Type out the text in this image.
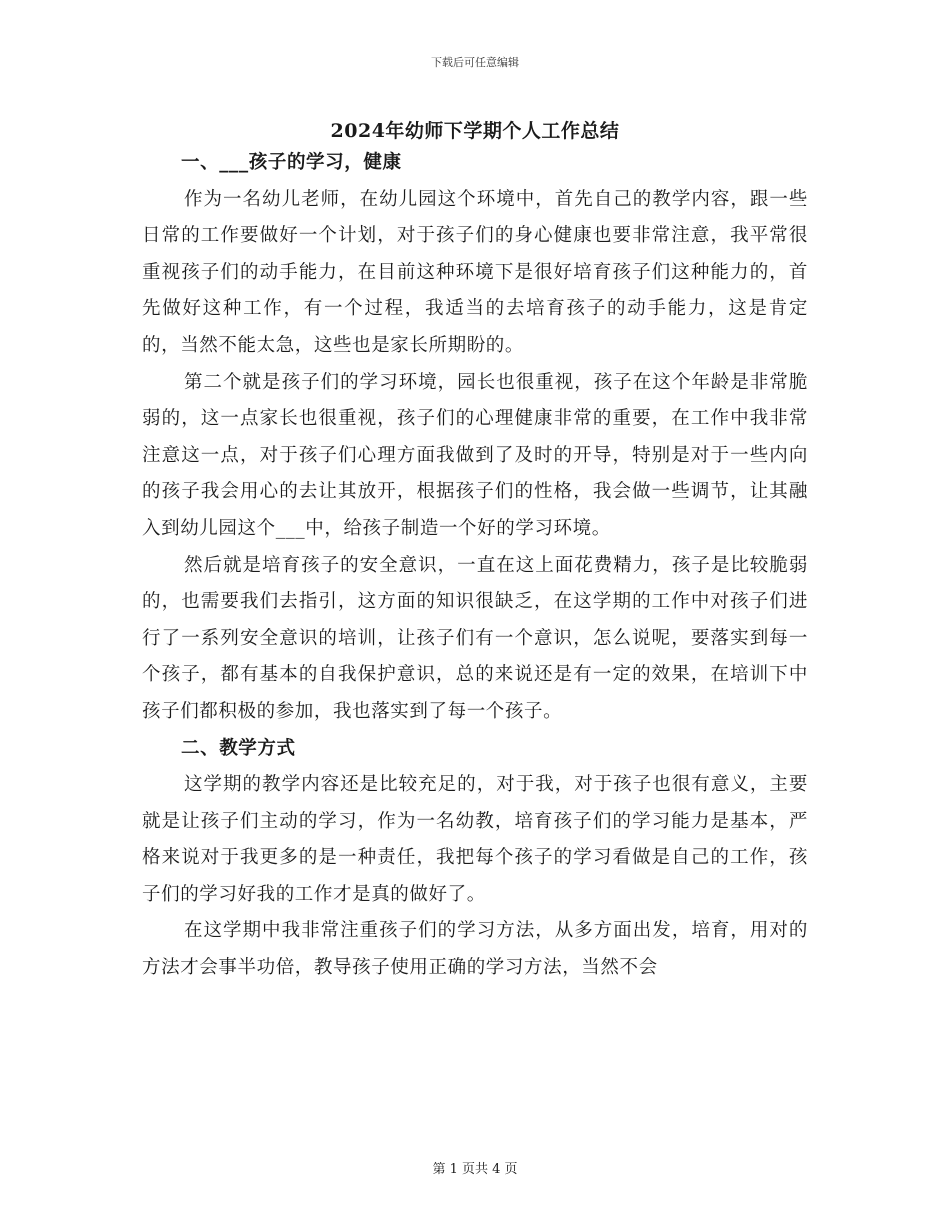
下载后可任意编辑
2024年幼师下学期个人工作总结

一、___孩子的学习，健康

作为一名幼儿老师，在幼儿园这个环境中，首先自己的教学内容，跟一些日常的工作要做好一个计划，对于孩子们的身心健康也要非常注意，我平常很重视孩子们的动手能力，在目前这种环境下是很好培育孩子们这种能力的，首先做好这种工作，有一个过程，我适当的去培育孩子的动手能力，这是肯定的，当然不能太急，这些也是家长所期盼的。

第二个就是孩子们的学习环境，园长也很重视，孩子在这个年龄是非常脆弱的，这一点家长也很重视，孩子们的心理健康非常的重要，在工作中我非常注意这一点，对于孩子们心理方面我做到了及时的开导，特别是对于一些内向的孩子我会用心的去让其放开，根据孩子们的性格，我会做一些调节，让其融入到幼儿园这个___中，给孩子制造一个好的学习环境。

然后就是培育孩子的安全意识，一直在这上面花费精力，孩子是比较脆弱的，也需要我们去指引，这方面的知识很缺乏，在这学期的工作中对孩子们进行了一系列安全意识的培训，让孩子们有一个意识，怎么说呢，要落实到每一个孩子，都有基本的自我保护意识，总的来说还是有一定的效果，在培训下中孩子们都积极的参加，我也落实到了每一个孩子。

二、教学方式

这学期的教学内容还是比较充足的，对于我，对于孩子也很有意义，主要就是让孩子们主动的学习，作为一名幼教，培育孩子们的学习能力是基本，严格来说对于我更多的是一种责任，我把每个孩子的学习看做是自己的工作，孩子们的学习好我的工作才是真的做好了。

在这学期中我非常注重孩子们的学习方法，从多方面出发，培育，用对的方法才会事半功倍，教导孩子使用正确的学习方法，当然不会

第 1 页共 4 页
